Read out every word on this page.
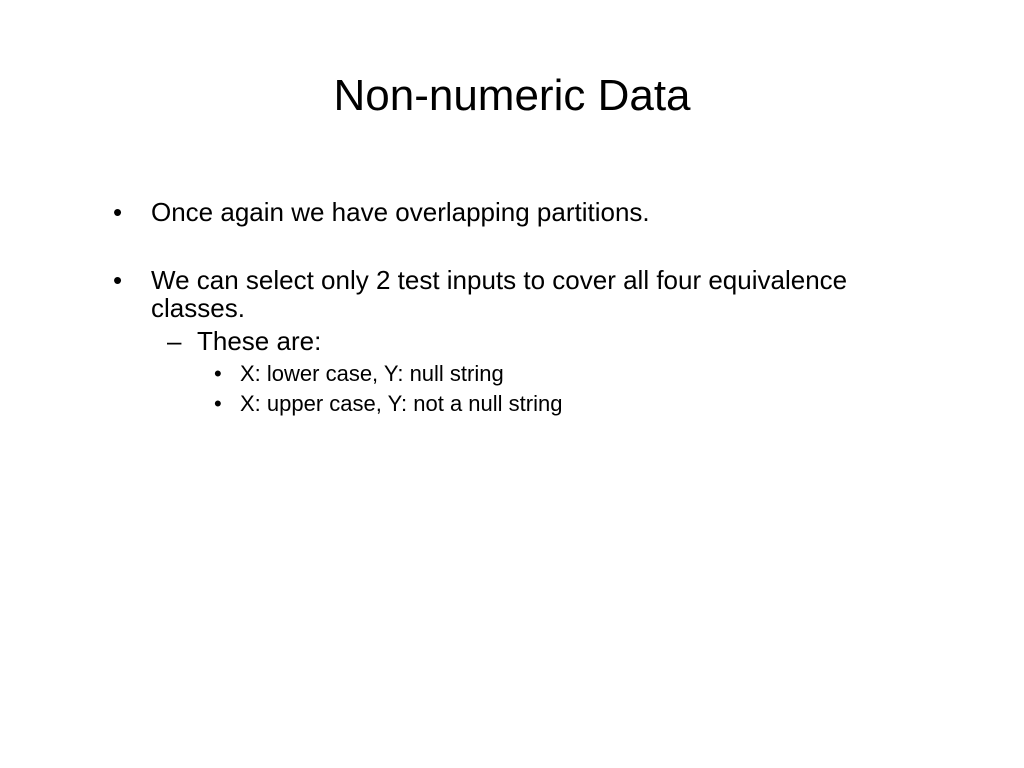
Non-numeric Data
•	Once again we have overlapping partitions.
•	We can select only 2 test inputs to cover all four equivalence classes.
– These are:
• X: lower case, Y: null string
• X: upper case, Y: not a null string
